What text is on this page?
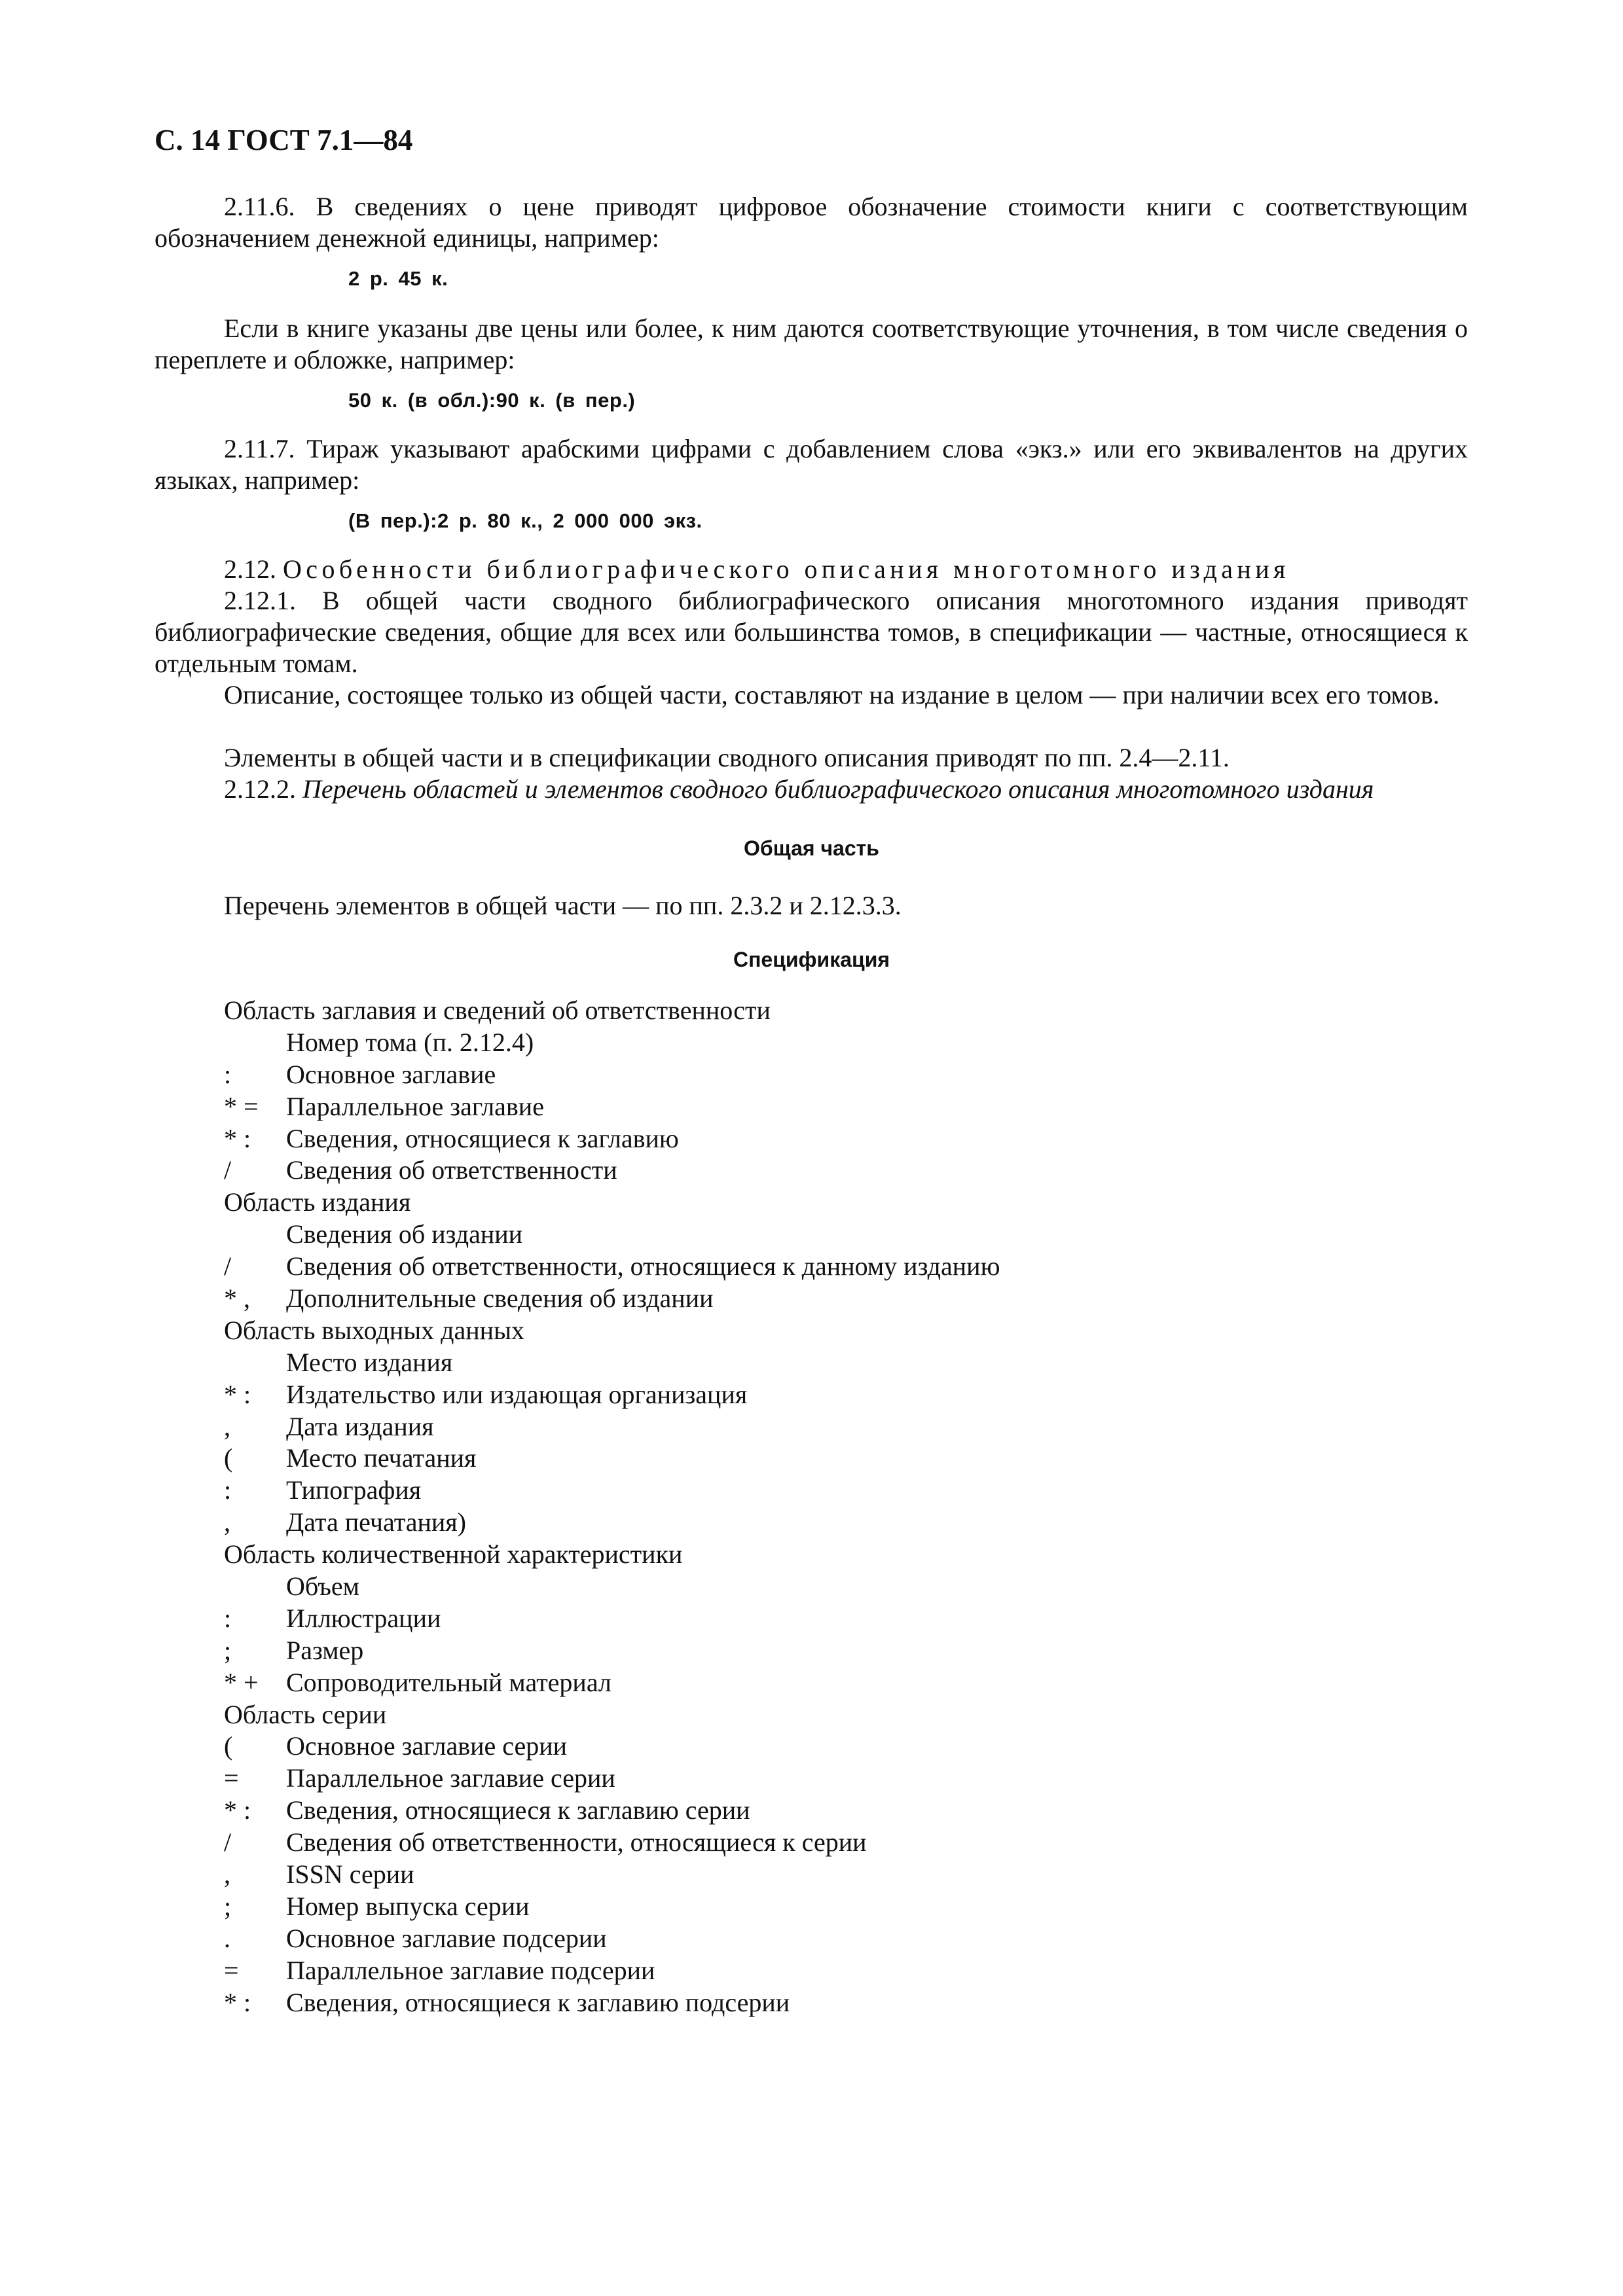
С. 14 ГОСТ 7.1—84

2.11.6. В сведениях о цене приводят цифровое обозначение стоимости книги с соответствующим обозначением денежной единицы, например:

2 р. 45 к.

Если в книге указаны две цены или более, к ним даются соответствующие уточнения, в том числе сведения о переплете и обложке, например:

50 к. (в обл.):90 к. (в пер.)

2.11.7. Тираж указывают арабскими цифрами с добавлением слова «экз.» или его эквивалентов на других языках, например:

(В пер.):2 р. 80 к., 2 000 000 экз.

2.12. Особенности библиографического описания многотомного издания

2.12.1. В общей части сводного библиографического описания многотомного издания приводят библиографические сведения, общие для всех или большинства томов, в спецификации — частные, относящиеся к отдельным томам.

Описание, состоящее только из общей части, составляют на издание в целом — при наличии всех его томов.

Элементы в общей части и в спецификации сводного описания приводят по пп. 2.4—2.11.

2.12.2. Перечень областей и элементов сводного библиографического описания многотомного издания

Общая часть

Перечень элементов в общей части — по пп. 2.3.2 и 2.12.3.3.

Спецификация
Область заглавия и сведений об ответственности
Номер тома (п. 2.12.4)
: Основное заглавие
* = Параллельное заглавие
* : Сведения, относящиеся к заглавию
/ Сведения об ответственности
Область издания
Сведения об издании
/ Сведения об ответственности, относящиеся к данному изданию
* , Дополнительные сведения об издании
Область выходных данных
Место издания
* : Издательство или издающая организация
, Дата издания
( Место печатания
: Типография
, Дата печатания)
Область количественной характеристики
Объем
: Иллюстрации
; Размер
* + Сопроводительный материал
Область серии
( Основное заглавие серии
= Параллельное заглавие серии
* : Сведения, относящиеся к заглавию серии
/ Сведения об ответственности, относящиеся к серии
, ISSN серии
; Номер выпуска серии
. Основное заглавие подсерии
= Параллельное заглавие подсерии
* : Сведения, относящиеся к заглавию подсерии
